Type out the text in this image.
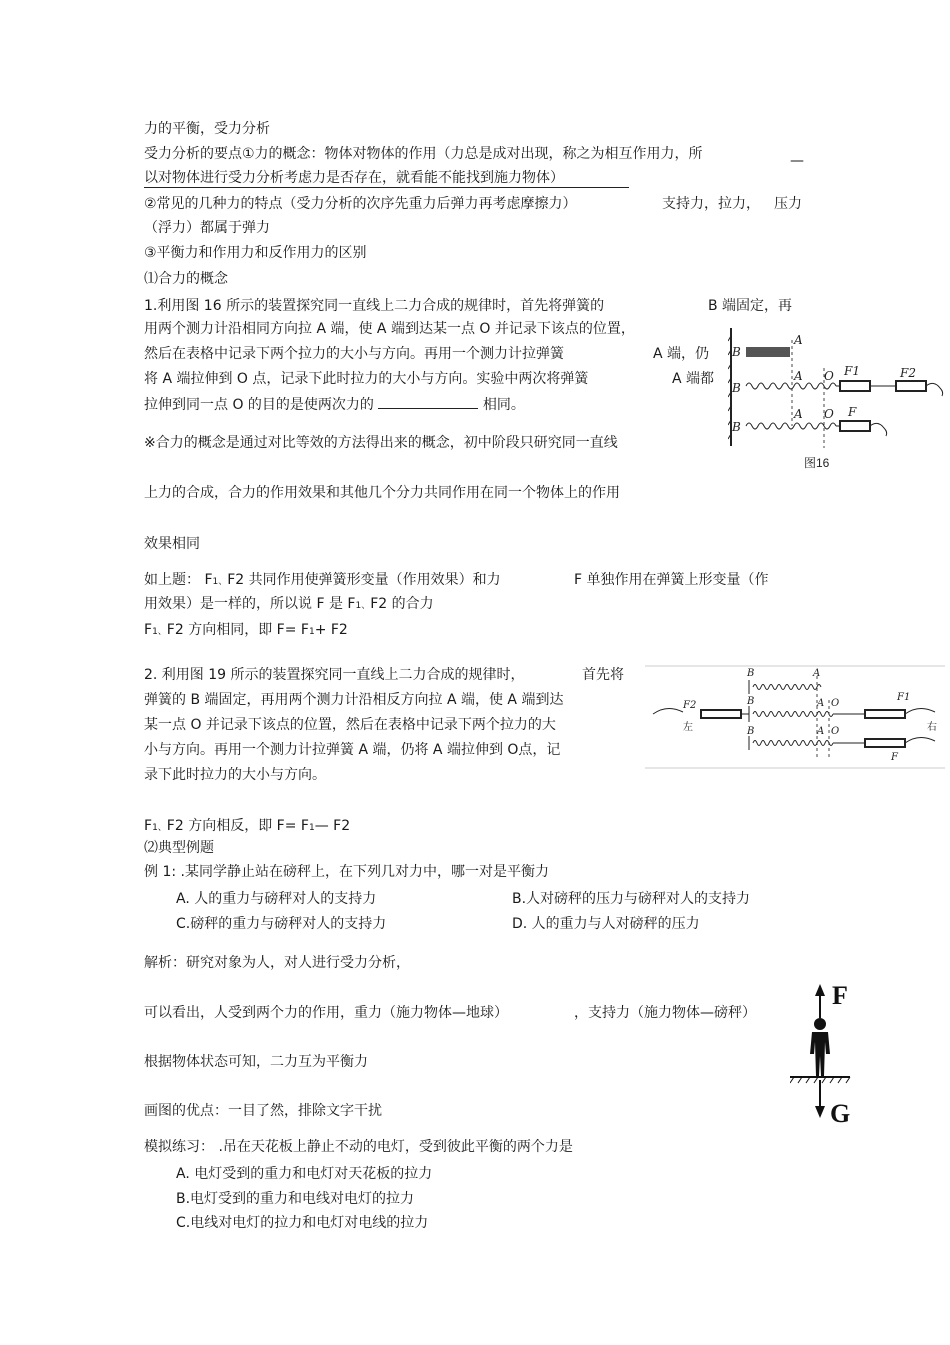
力的平衡，受力分析
受力分析的要点①力的概念：物体对物体的作用（力总是成对出现，称之为相互作用力，所	—
以对物体进行受力分析考虑力是否存在，就看能不能找到施力物体）
②常见的几种力的特点（受力分析的次序先重力后弹力再考虑摩擦力）	支持力，拉力， 压力
（浮力）都属于弹力
③平衡力和作用力和反作用力的区别
⑴合力的概念
1.利用图 16 所示的装置探究同一直线上二力合成的规律时，首先将弹簧的	B 端固定，再
用两个测力计沿相同方向拉 A 端，使 A 端到达某一点 O 并记录下该点的位置，
然后在表格中记录下两个拉力的大小与方向。再用一个测力计拉弹簧	A 端，仍
将 A 端拉伸到 O 点，记录下此时拉力的大小与方向。实验中两次将弹簧	A 端都
拉伸到同一点 O 的目的是使两次力的	相同。
B
A
B
A O F1	F2
B
A O F
图16
※合力的概念是通过对比等效的方法得出来的概念，初中阶段只研究同一直线
上力的合成，合力的作用效果和其他几个分力共同作用在同一个物体上的作用
效果相同
如上题： F1、F2 共同作用使弹簧形变量（作用效果）和力	F 单独作用在弹簧上形变量（作
用效果）是一样的，所以说 F 是 F1、F2 的合力
F1、F2 方向相同，即 F= F1+ F2
2. 利用图 19 所示的装置探究同一直线上二力合成的规律时，	首先将
弹簧的 B 端固定，再用两个测力计沿相反方向拉 A 端，使 A 端到达
某一点 O 并记录下该点的位置，然后在表格中记录下两个拉力的大
小与方向。再用一个测力计拉弹簧 A 端，仍将 A 端拉伸到 O点，记
录下此时拉力的大小与方向。
B	A
B	A O
F2
F1
B	A O
F
左	右
F1、F2 方向相反，即 F= F1— F2
⑵典型例题
例 1: .某同学静止站在磅秤上，在下列几对力中，哪一对是平衡力
A. 人的重力与磅秤对人的支持力	B.人对磅秤的压力与磅秤对人的支持力
C.磅秤的重力与磅秤对人的支持力	D. 人的重力与人对磅秤的压力
解析：研究对象为人，对人进行受力分析，
可以看出，人受到两个力的作用，重力（施力物体—地球）	，支持力（施力物体—磅秤）
根据物体状态可知，二力互为平衡力
画图的优点：一目了然，排除文字干扰
F
G
模拟练习： .吊在天花板上静止不动的电灯，受到彼此平衡的两个力是
A. 电灯受到的重力和电灯对天花板的拉力
B.电灯受到的重力和电线对电灯的拉力
C.电线对电灯的拉力和电灯对电线的拉力
